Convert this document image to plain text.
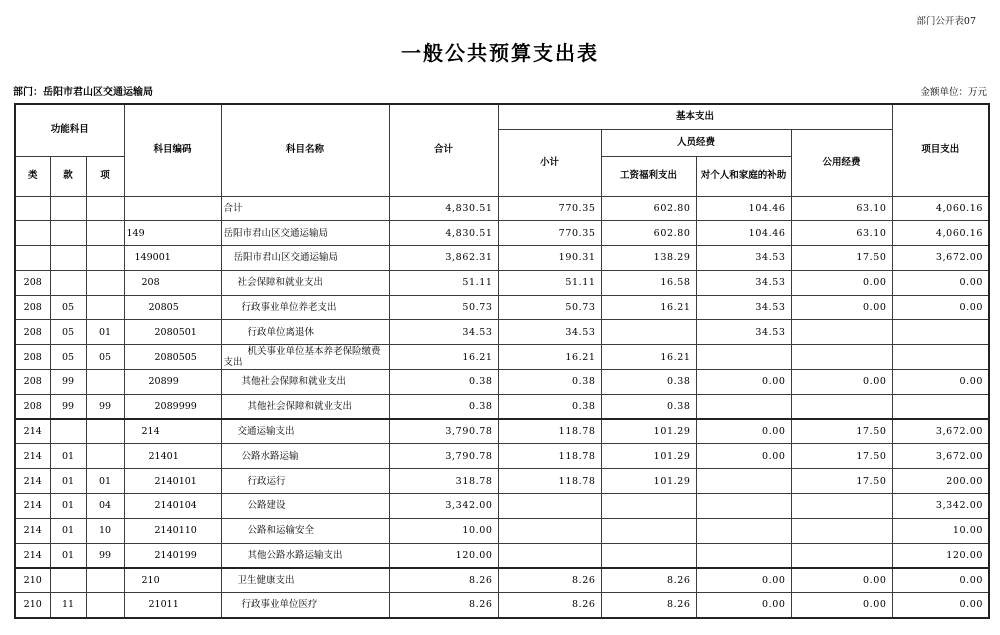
部门公开表07
一般公共预算支出表
部门：岳阳市君山区交通运输局	金额单位：万元
功能科目			科目编码	科目名称	合计	基本支出				项目支出
						小计	人员经费		公用经费	
类	款	项					工资福利支出	对个人和家庭的补助		
				合计	4,830.51	770.35	602.80	104.46	63.10	4,060.16
			149	岳阳市君山区交通运输局	4,830.51	770.35	602.80	104.46	63.10	4,060.16
			149001	岳阳市君山区交通运输局	3,862.31	190.31	138.29	34.53	17.50	3,672.00
208			208	社会保障和就业支出	51.11	51.11	16.58	34.53	0.00	0.00
208	05		20805	行政事业单位养老支出	50.73	50.73	16.21	34.53	0.00	0.00
208	05	01	2080501	行政单位离退休	34.53	34.53		34.53		
208	05	05	2080505	机关事业单位基本养老保险缴费支出	16.21	16.21	16.21			
208	99		20899	其他社会保障和就业支出	0.38	0.38	0.38	0.00	0.00	0.00
208	99	99	2089999	其他社会保障和就业支出	0.38	0.38	0.38			
214			214	交通运输支出	3,790.78	118.78	101.29	0.00	17.50	3,672.00
214	01		21401	公路水路运输	3,790.78	118.78	101.29	0.00	17.50	3,672.00
214	01	01	2140101	行政运行	318.78	118.78	101.29		17.50	200.00
214	01	04	2140104	公路建设	3,342.00					3,342.00
214	01	10	2140110	公路和运输安全	10.00					10.00
214	01	99	2140199	其他公路水路运输支出	120.00					120.00
210			210	卫生健康支出	8.26	8.26	8.26	0.00	0.00	0.00
210	11		21011	行政事业单位医疗	8.26	8.26	8.26	0.00	0.00	0.00
